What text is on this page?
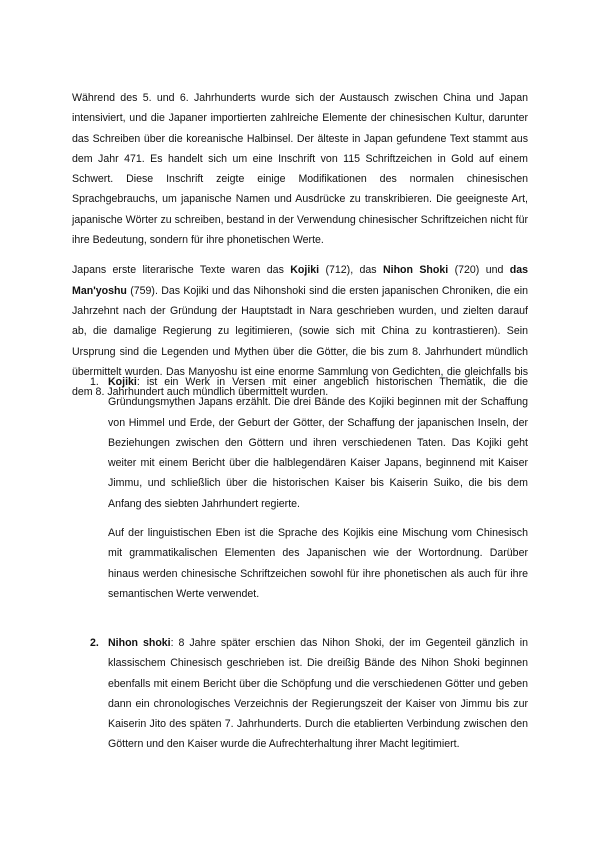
Während des 5. und 6. Jahrhunderts wurde sich der Austausch zwischen China und Japan intensiviert, und die Japaner importierten zahlreiche Elemente der chinesischen Kultur, darunter das Schreiben über die koreanische Halbinsel. Der älteste in Japan gefundene Text stammt aus dem Jahr 471. Es handelt sich um eine Inschrift von 115 Schriftzeichen in Gold auf einem Schwert. Diese Inschrift zeigte einige Modifikationen des normalen chinesischen Sprachgebrauchs, um japanische Namen und Ausdrücke zu transkribieren. Die geeigneste Art, japanische Wörter zu schreiben, bestand in der Verwendung chinesischer Schriftzeichen nicht für ihre Bedeutung, sondern für ihre phonetischen Werte.

Japans erste literarische Texte waren das Kojiki (712), das Nihon Shoki (720) und das Man'yoshu (759). Das Kojiki und das Nihonshoki sind die ersten japanischen Chroniken, die ein Jahrzehnt nach der Gründung der Hauptstadt in Nara geschrieben wurden, und zielten darauf ab, die damalige Regierung zu legitimieren, (sowie sich mit China zu kontrastieren). Sein Ursprung sind die Legenden und Mythen über die Götter, die bis zum 8. Jahrhundert mündlich übermittelt wurden. Das Manyoshu ist eine enorme Sammlung von Gedichten, die gleichfalls bis dem 8. Jahrhundert auch mündlich übermittelt wurden.

1. Kojiki: ist ein Werk in Versen mit einer angeblich historischen Thematik, die die Gründungsmythen Japans erzählt. Die drei Bände des Kojiki beginnen mit der Schaffung von Himmel und Erde, der Geburt der Götter, der Schaffung der japanischen Inseln, der Beziehungen zwischen den Göttern und ihren verschiedenen Taten. Das Kojiki geht weiter mit einem Bericht über die halblegendären Kaiser Japans, beginnend mit Kaiser Jimmu, und schließlich über die historischen Kaiser bis Kaiserin Suiko, die bis dem Anfang des siebten Jahrhundert regierte.

Auf der linguistischen Eben ist die Sprache des Kojikis eine Mischung vom Chinesisch mit grammatikalischen Elementen des Japanischen wie der Wortordnung. Darüber hinaus werden chinesische Schriftzeichen sowohl für ihre phonetischen als auch für ihre semantischen Werte verwendet.

2. Nihon shoki: 8 Jahre später erschien das Nihon Shoki, der im Gegenteil gänzlich in klassischem Chinesisch geschrieben ist. Die dreißig Bände des Nihon Shoki beginnen ebenfalls mit einem Bericht über die Schöpfung und die verschiedenen Götter und geben dann ein chronologisches Verzeichnis der Regierungszeit der Kaiser von Jimmu bis zur Kaiserin Jito des späten 7. Jahrhunderts. Durch die etablierten Verbindung zwischen den Göttern und den Kaiser wurde die Aufrechterhaltung ihrer Macht legitimiert.
